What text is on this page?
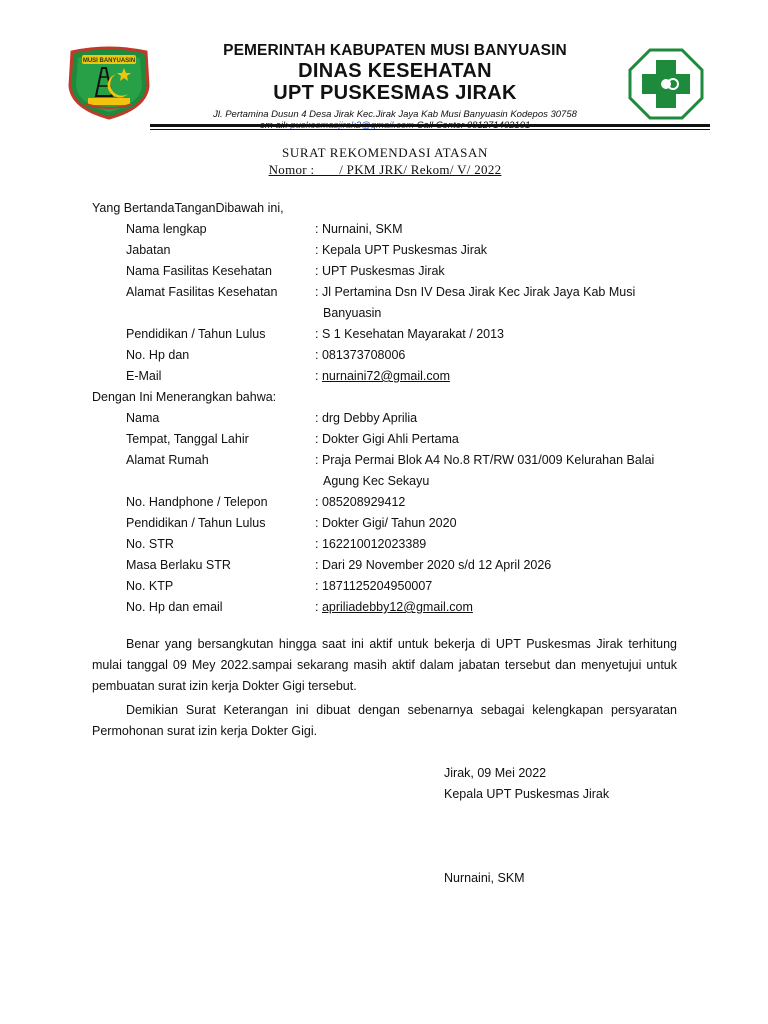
MUSI BANYUASIN
PEMERINTAH KABUPATEN MUSI BANYUASIN
DINAS KESEHATAN
UPT PUSKESMAS JIRAK
Jl. Pertamina Dusun 4 Desa Jirak Kec.Jirak Jaya Kab Musi Banyuasin Kodepos 30758
SURAT REKOMENDASI ATASAN
Nomor :       / PKM JRK/ Rekom/ V/ 2022
Yang BertandaTanganDibawah ini,
Nama lengkap	: Nurnaini, SKM
Jabatan	: Kepala UPT Puskesmas Jirak
Nama Fasilitas Kesehatan	: UPT Puskesmas Jirak
Alamat Fasilitas Kesehatan	: Jl Pertamina Dsn IV Desa Jirak Kec Jirak Jaya Kab Musi
Banyuasin
Pendidikan / Tahun Lulus	: S 1 Kesehatan Mayarakat / 2013
No. Hp dan	: 081373708006
E-Mail	: nurnaini72@gmail.com
Dengan Ini Menerangkan bahwa:
Nama	: drg Debby Aprilia
Tempat, Tanggal Lahir	: Dokter Gigi Ahli Pertama
Alamat Rumah	: Praja Permai Blok A4 No.8 RT/RW 031/009 Kelurahan Balai
Agung Kec Sekayu
No. Handphone / Telepon	: 085208929412
Pendidikan / Tahun Lulus	: Dokter Gigi/ Tahun 2020
No. STR	: 162210012023389
Masa Berlaku STR	: Dari 29 November 2020 s/d 12 April 2026
No. KTP	: 1871125204950007
No. Hp dan email	: apriliadebby12@gmail.com
Benar yang bersangkutan hingga saat ini aktif untuk bekerja di UPT Puskesmas Jirak terhitung mulai tanggal 09 Mey 2022.sampai sekarang masih aktif dalam jabatan tersebut dan menyetujui untuk pembuatan surat izin kerja Dokter Gigi tersebut.
Demikian Surat Keterangan ini dibuat dengan sebenarnya sebagai kelengkapan persyaratan Permohonan surat izin kerja Dokter Gigi.
Jirak, 09 Mei 2022
Kepala UPT Puskesmas Jirak
Nurnaini, SKM
